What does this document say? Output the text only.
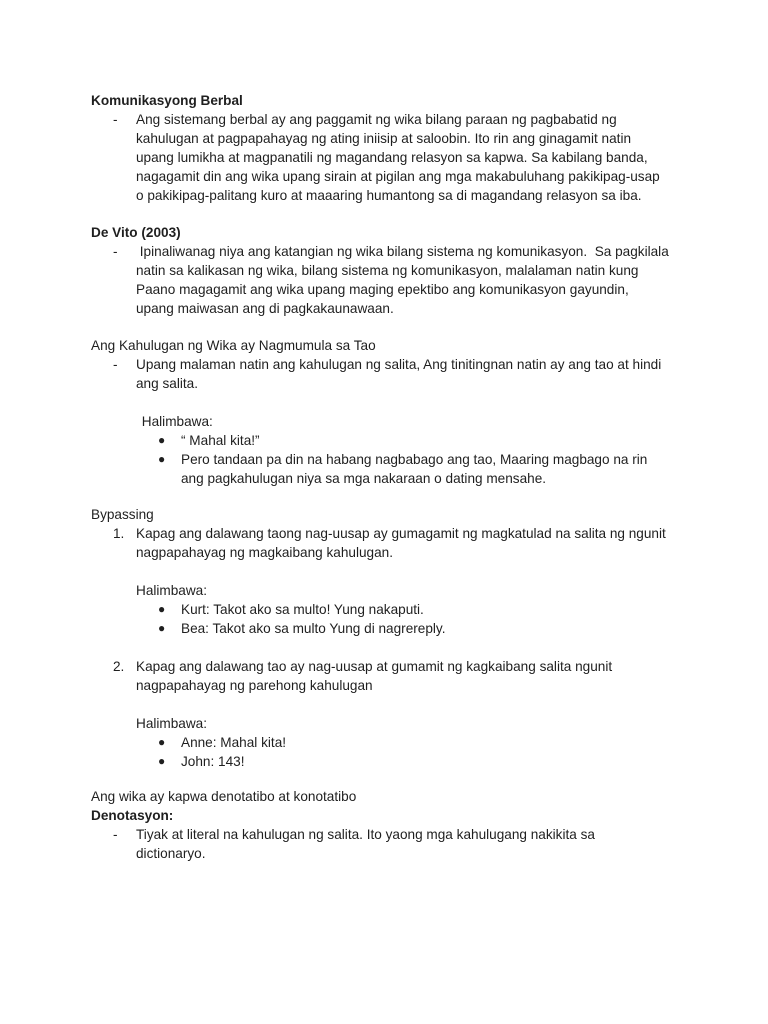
Komunikasyong Berbal

- Ang sistemang berbal ay ang paggamit ng wika bilang paraan ng pagbabatid ng
kahulugan at pagpapahayag ng ating iniisip at saloobin. Ito rin ang ginagamit natin
upang lumikha at magpanatili ng magandang relasyon sa kapwa. Sa kabilang banda,
nagagamit din ang wika upang sirain at pigilan ang mga makabuluhang pakikipag-usap
o pakikipag-palitang kuro at maaaring humantong sa di magandang relasyon sa iba.

De Vito (2003)

- Ipinaliwanag niya ang katangian ng wika bilang sistema ng komunikasyon.  Sa pagkilala
natin sa kalikasan ng wika, bilang sistema ng komunikasyon, malalaman natin kung
Paano magagamit ang wika upang maging epektibo ang komunikasyon gayundin,
upang maiwasan ang di pagkakaunawaan.

Ang Kahulugan ng Wika ay Nagmumula sa Tao

- Upang malaman natin ang kahulugan ng salita, Ang tinitingnan natin ay ang tao at hindi
ang salita.

Halimbawa:

● “ Mahal kita!”
● Pero tandaan pa din na habang nagbabago ang tao, Maaring magbago na rin
ang pagkahulugan niya sa mga nakaraan o dating mensahe.

Bypassing

1. Kapag ang dalawang taong nag-uusap ay gumagamit ng magkatulad na salita ng ngunit
nagpapahayag ng magkaibang kahulugan.

Halimbawa:

● Kurt: Takot ako sa multo! Yung nakaputi.
● Bea: Takot ako sa multo Yung di nagrereply.
2. Kapag ang dalawang tao ay nag-uusap at gumamit ng kagkaibang salita ngunit
nagpapahayag ng parehong kahulugan

Halimbawa:

● Anne: Mahal kita!
● John: 143!

Ang wika ay kapwa denotatibo at konotatibo

Denotasyon:

- Tiyak at literal na kahulugan ng salita. Ito yaong mga kahulugang nakikita sa
dictionaryo.
